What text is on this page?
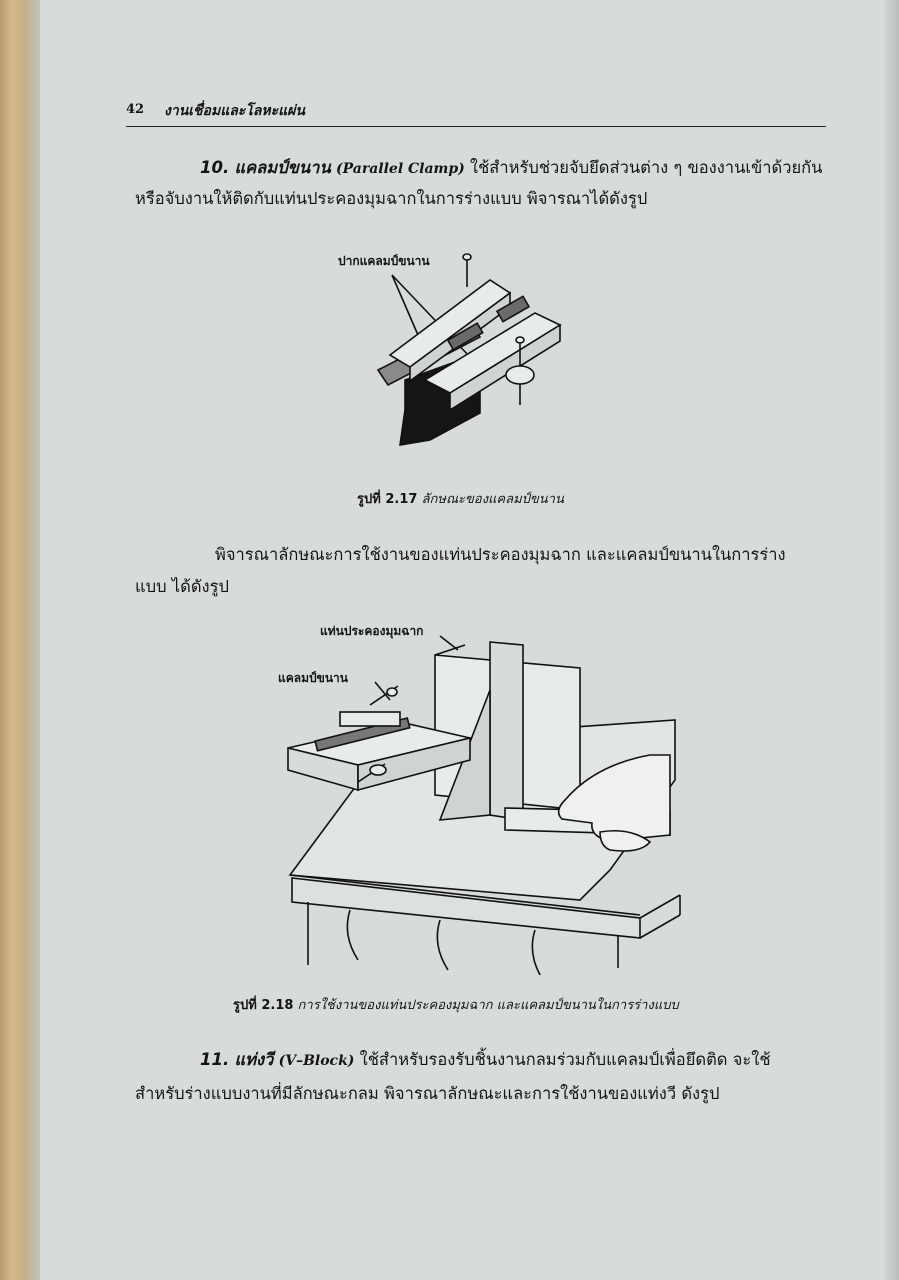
42 งานเชื่อมและโลหะแผ่น
10. แคลมป์ขนาน (Parallel Clamp) ใช้สำหรับช่วยจับยึดส่วนต่าง ๆ ของงานเข้าด้วยกัน
หรือจับงานให้ติดกับแท่นประคองมุมฉากในการร่างแบบ พิจารณาได้ดังรูป
ปากแคลมป์ขนาน
รูปที่ 2.17 ลักษณะของแคลมป์ขนาน
พิจารณาลักษณะการใช้งานของแท่นประคองมุมฉาก และแคลมป์ขนานในการร่าง
แบบ ได้ดังรูป
แท่นประคองมุมฉาก
แคลมป์ขนาน
รูปที่ 2.18 การใช้งานของแท่นประคองมุมฉาก และแคลมป์ขนานในการร่างแบบ
11. แท่งวี (V–Block) ใช้สำหรับรองรับชิ้นงานกลมร่วมกับแคลมป์เพื่อยึดติด จะใช้
สำหรับร่างแบบงานที่มีลักษณะกลม พิจารณาลักษณะและการใช้งานของแท่งวี ดังรูป
